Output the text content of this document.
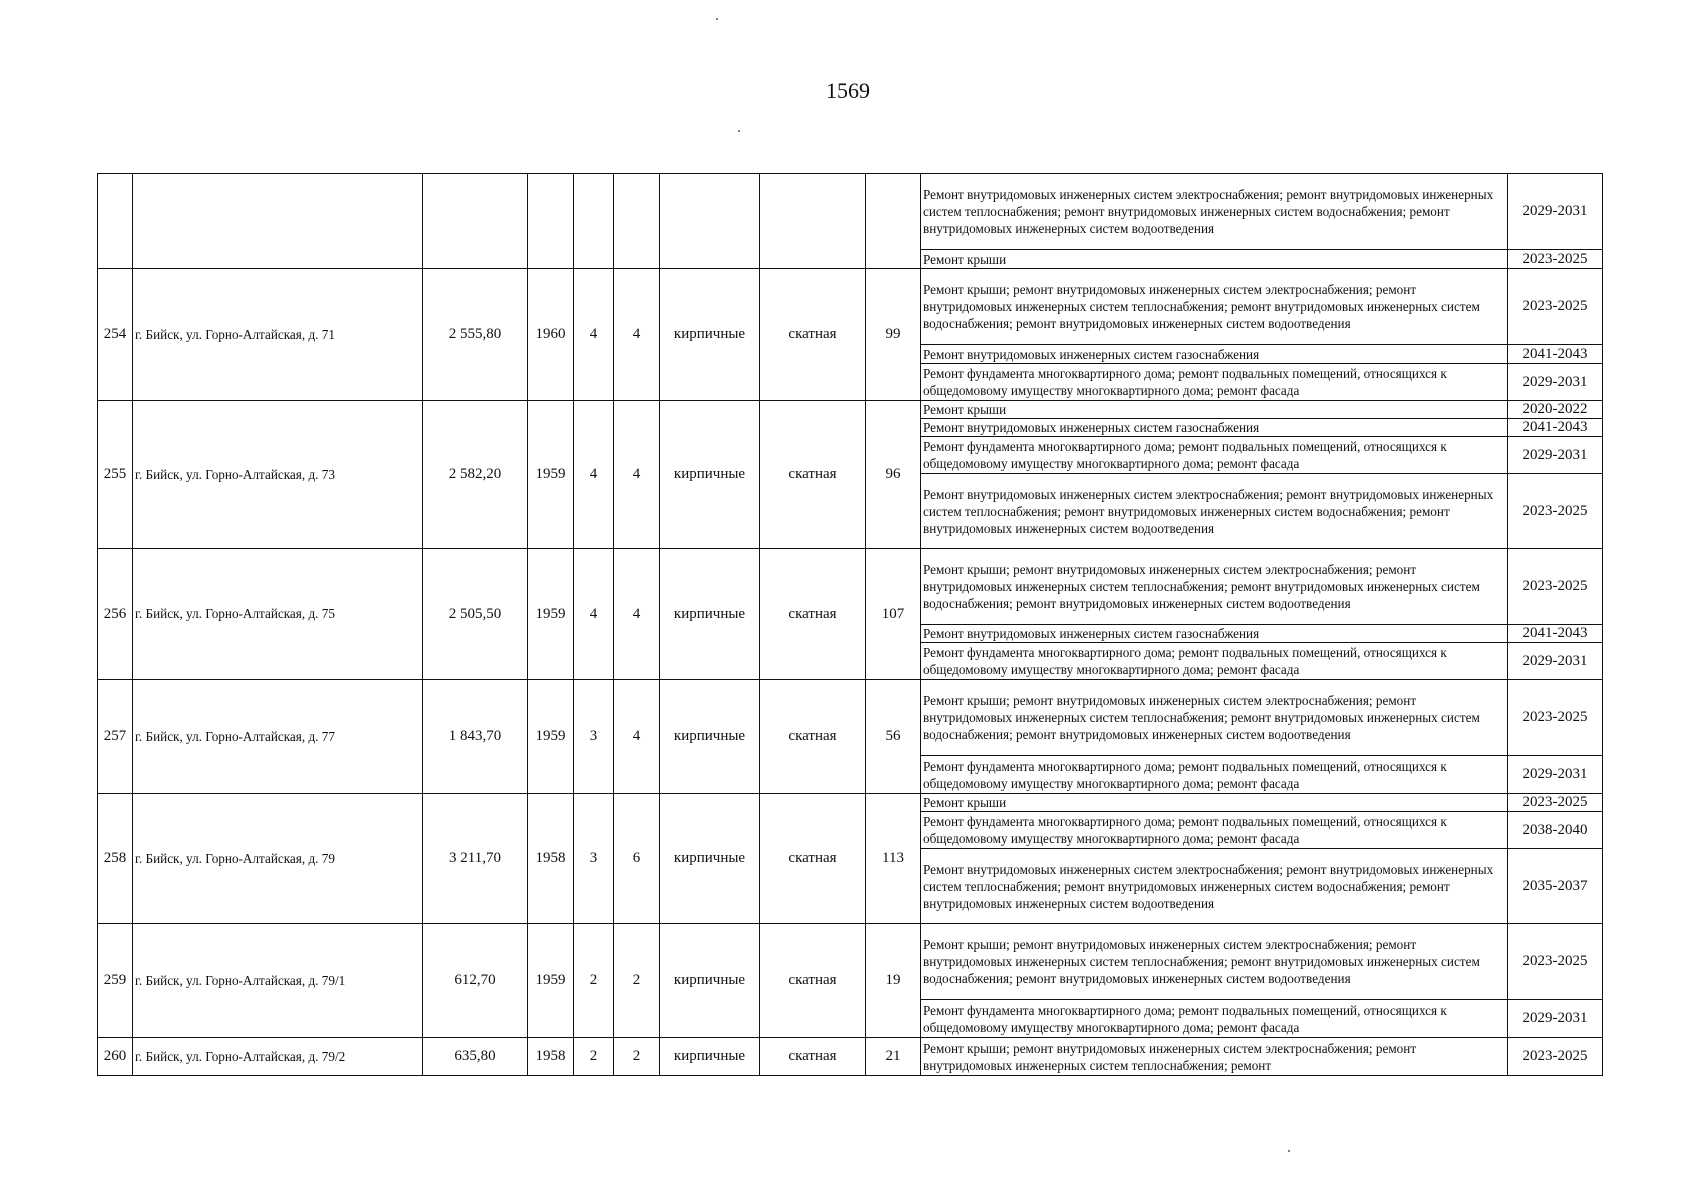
1569
									Ремонт внутридомовых инженерных систем электроснабжения; ремонт внутридомовых инженерных систем теплоснабжения; ремонт внутридомовых инженерных систем водоснабжения; ремонт внутридомовых инженерных систем водоотведения	2029-2031
									Ремонт крыши	2023-2025
254	г. Бийск, ул. Горно-Алтайская, д. 71	2 555,80	1960	4	4	кирпичные	скатная	99	Ремонт крыши; ремонт внутридомовых инженерных систем электроснабжения; ремонт внутридомовых инженерных систем теплоснабжения; ремонт внутридомовых инженерных систем водоснабжения; ремонт внутридомовых инженерных систем водоотведения	2023-2025
									Ремонт внутридомовых инженерных систем газоснабжения	2041-2043
									Ремонт фундамента многоквартирного дома; ремонт подвальных помещений, относящихся к общедомовому имуществу многоквартирного дома; ремонт фасада	2029-2031
255	г. Бийск, ул. Горно-Алтайская, д. 73	2 582,20	1959	4	4	кирпичные	скатная	96	Ремонт крыши	2020-2022
									Ремонт внутридомовых инженерных систем газоснабжения	2041-2043
									Ремонт фундамента многоквартирного дома; ремонт подвальных помещений, относящихся к общедомовому имуществу многоквартирного дома; ремонт фасада	2029-2031
									Ремонт внутридомовых инженерных систем электроснабжения; ремонт внутридомовых инженерных систем теплоснабжения; ремонт внутридомовых инженерных систем водоснабжения; ремонт внутридомовых инженерных систем водоотведения	2023-2025
256	г. Бийск, ул. Горно-Алтайская, д. 75	2 505,50	1959	4	4	кирпичные	скатная	107	Ремонт крыши; ремонт внутридомовых инженерных систем электроснабжения; ремонт внутридомовых инженерных систем теплоснабжения; ремонт внутридомовых инженерных систем водоснабжения; ремонт внутридомовых инженерных систем водоотведения	2023-2025
									Ремонт внутридомовых инженерных систем газоснабжения	2041-2043
									Ремонт фундамента многоквартирного дома; ремонт подвальных помещений, относящихся к общедомовому имуществу многоквартирного дома; ремонт фасада	2029-2031
257	г. Бийск, ул. Горно-Алтайская, д. 77	1 843,70	1959	3	4	кирпичные	скатная	56	Ремонт крыши; ремонт внутридомовых инженерных систем электроснабжения; ремонт внутридомовых инженерных систем теплоснабжения; ремонт внутридомовых инженерных систем водоснабжения; ремонт внутридомовых инженерных систем водоотведения	2023-2025
									Ремонт фундамента многоквартирного дома; ремонт подвальных помещений, относящихся к общедомовому имуществу многоквартирного дома; ремонт фасада	2029-2031
258	г. Бийск, ул. Горно-Алтайская, д. 79	3 211,70	1958	3	6	кирпичные	скатная	113	Ремонт крыши	2023-2025
									Ремонт фундамента многоквартирного дома; ремонт подвальных помещений, относящихся к общедомовому имуществу многоквартирного дома; ремонт фасада	2038-2040
									Ремонт внутридомовых инженерных систем электроснабжения; ремонт внутридомовых инженерных систем теплоснабжения; ремонт внутридомовых инженерных систем водоснабжения; ремонт внутридомовых инженерных систем водоотведения	2035-2037
259	г. Бийск, ул. Горно-Алтайская, д. 79/1	612,70	1959	2	2	кирпичные	скатная	19	Ремонт крыши; ремонт внутридомовых инженерных систем электроснабжения; ремонт внутридомовых инженерных систем теплоснабжения; ремонт внутридомовых инженерных систем водоснабжения; ремонт внутридомовых инженерных систем водоотведения	2023-2025
									Ремонт фундамента многоквартирного дома; ремонт подвальных помещений, относящихся к общедомовому имуществу многоквартирного дома; ремонт фасада	2029-2031
260	г. Бийск, ул. Горно-Алтайская, д. 79/2	635,80	1958	2	2	кирпичные	скатная	21	Ремонт крыши; ремонт внутридомовых инженерных систем электроснабжения; ремонт внутридомовых инженерных систем теплоснабжения; ремонт	2023-2025
